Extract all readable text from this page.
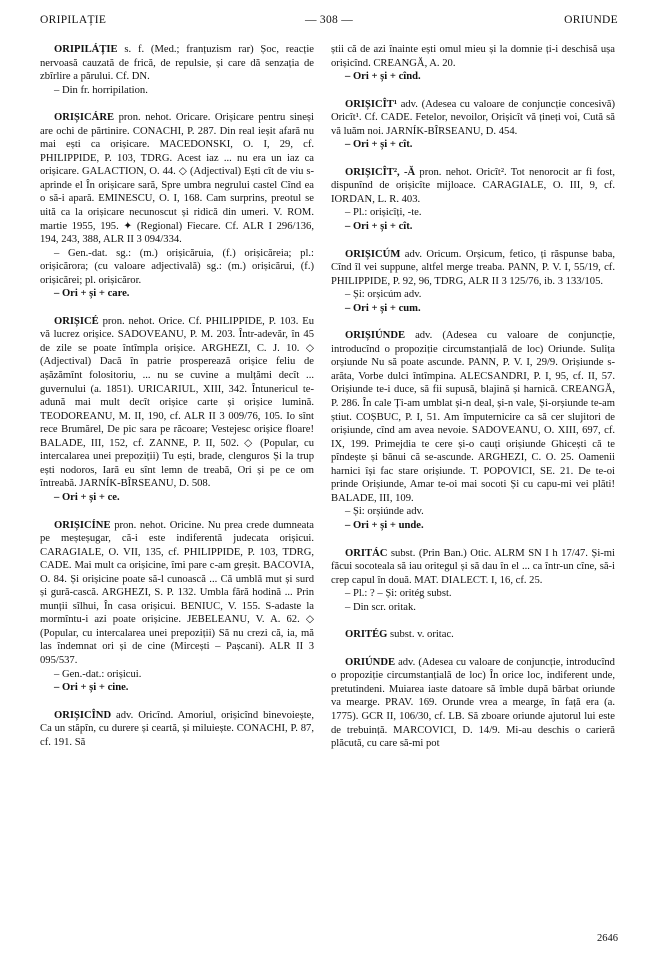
ORIPILAȚIE	— 308 —	ORIUNDE

ORIPILÁȚIE s. f. (Med.; franțuzism rar) Șoc, reacție nervoasă cauzată de frică, de repulsie, și care dă senzația de zbîrlire a părului. Cf. DN.

– Din fr. horripilation.

ORIȘICÁRE pron. nehot. Oricare. Orișicare pentru sineși are ochi de părtinire. CONACHI, P. 287. Din real ieșit afară nu mai ești ca orișicare. MACEDONSKI, O. I, 29, cf. PHILIPPIDE, P. 103, TDRG. Acest iaz ... nu era un iaz ca orișicare. GALACTION, O. 44. ◇ (Adjectival) Ești cît de viu s-aprinde el În orișicare sară, Spre umbra negrului castel Cînd ea o să-i apară. EMINESCU, O. I, 168. Cam surprins, preotul se uită ca la orișicare necunoscut și ridică din umeri. V. ROM. martie 1955, 195. ✦ (Regional) Fiecare. Cf. ALR I 296/136, 194, 243, 388, ALR II 3 094/334.

– Gen.-dat. sg.: (m.) orișicăruia, (f.) orișicăreia; pl.: orișicărora; (cu valoare adjectivală) sg.: (m.) orișicărui, (f.) orișicărei; pl. orișicăror.

– Ori + și + care.

ORIȘICÉ pron. nehot. Orice. Cf. PHILIPPIDE, P. 103. Eu vă lucrez orișice. SADOVEANU, P. M. 203. Într-adevăr, în 45 de zile se poate întîmpla orișice. ARGHEZI, C. J. 10. ◇ (Adjectival) Dacă în patrie prosperează orișice feliu de așăzămînt folositoriu, ... nu se cuvine a mulțămi decît ... guvernului (a. 1851). URICARIUL, XIII, 342. Întunericul te-adună mai mult decît orișice carte și orișice lumină. TEODOREANU, M. II, 190, cf. ALR II 3 009/76, 105. Io sînt rece Brumărel, De pic sara pe răcoare; Vestejesc orișice floare! BALADE, III, 152, cf. ZANNE, P. II, 502. ◇ (Popular, cu intercalarea unei prepoziții) Tu ești, brade, clenguros Și la trup ești nodoros, Iară eu sînt lemn de treabă, Ori și pe ce om întreabă. JARNÍK-BÎRSEANU, D. 508.

– Ori + și + ce.

ORIȘICÍNE pron. nehot. Oricine. Nu prea crede dumneata pe meșteșugar, că-i este indiferentă judecata orișicui. CARAGIALE, O. VII, 135, cf. PHILIPPIDE, P. 103, TDRG, CADE. Mai mult ca orișicine, îmi pare c-am greșit. BACOVIA, O. 84. Și orișicine poate să-l cunoască ... Că umblă mut și surd și gură-cască. ARGHEZI, S. P. 132. Umbla fără hodină ... Prin munții sîlhui, În casa orișicui. BENIUC, V. 155. S-adaste la mormîntu-i azi poate orișicine. JEBELEANU, V. A. 62. ◇ (Popular, cu intercalarea unei prepoziții) Să nu crezi că, ia, mă las îndemnat ori și de cine (Mircești – Pașcani). ALR II 3 095/537.

– Gen.-dat.: orișicui.

– Ori + și + cine.

ORIȘICÎND adv. Oricînd. Amoriul, orișicînd binevoiește, Ca un stăpîn, cu durere și ceartă, și miluiește. CONACHI, P. 87, cf. 191. Să

știi că de azi înainte ești omul mieu și la domnie ți-i deschisă ușa orișicînd. CREANGĂ, A. 20.

– Ori + și + cînd.

ORIȘICÎT¹ adv. (Adesea cu valoare de conjuncție concesivă) Oricît¹. Cf. CADE. Fetelor, nevoilor, Orișicît vă țineți voi, Cută să vă luăm noi. JARNÍK-BÎRSEANU, D. 454.

– Ori + și + cît.

ORIȘICÎT², -Ă pron. nehot. Oricît². Tot nenorocit ar fi fost, dispunînd de orișicîte mijloace. CARAGIALE, O. III, 9, cf. IORDAN, L. R. 403.

– Pl.: orișicîți, -te.

– Ori + și + cît.

ORIȘICÚM adv. Oricum. Orșicum, fetico, ți răspunse baba, Cînd îl vei suppune, altfel merge treaba. PANN, P. V. I, 55/19, cf. PHILIPPIDE, P. 92, 96, TDRG, ALR II 3 125/76, ib. 3 133/105.

– Și: orșicúm adv.

– Ori + și + cum.

ORIȘIÚNDE adv. (Adesea cu valoare de conjuncție, introducînd o propoziție circumstanțială de loc) Oriunde. Sulița orșiunde Nu să poate ascunde. PANN, P. V. I, 29/9. Orișiunde s-arăta, Vorbe dulci întîmpina. ALECSANDRI, P. I, 95, cf. II, 57. Orișiunde te-i duce, să fii supusă, blajină și harnică. CREANGĂ, P. 286. În cale Ți-am umblat și-n deal, și-n vale, Și-orșiunde te-am știut. COȘBUC, P. I, 51. Am împuternicire ca să cer slujitori de orișiunde, cînd am avea nevoie. SADOVEANU, O. XIII, 697, cf. IX, 199. Primejdia te cere și-o cauți orișiunde Ghicești că te pîndește și bănui că se-ascunde. ARGHEZI, C. O. 25. Oamenii harnici își fac stare orișiunde. T. POPOVICI, SE. 21. De te-oi prinde Orișiunde, Amar te-oi mai socoti Și cu capu-mi vei plăti! BALADE, III, 109.

– Și: orșiúnde adv.

– Ori + și + unde.

ORITÁC subst. (Prin Ban.) Otic. ALRM SN I h 17/47. Și-mi făcui socoteala să iau oritegul și să dau în el ... ca într-un cîne, să-i crep capul în două. MAT. DIALECT. I, 16, cf. 25.

– Pl.: ? – Și: oritég subst.

– Din scr. oritak.

ORITÉG subst. v. oritac.

ORIÚNDE adv. (Adesea cu valoare de conjuncție, introducînd o propoziție circumstanțială de loc) În orice loc, indiferent unde, pretutindeni. Muiarea iaste datoare să îmble după bărbat oriunde va mearge. PRAV. 169. Orunde vrea a mearge, în față era (a. 1775). GCR II, 106/30, cf. LB. Să zboare oriunde ajutorul lui este de trebuință. MARCOVICI, D. 14/9. Mi-au deschis o carieră plăcută, cu care să-mi pot

2646
